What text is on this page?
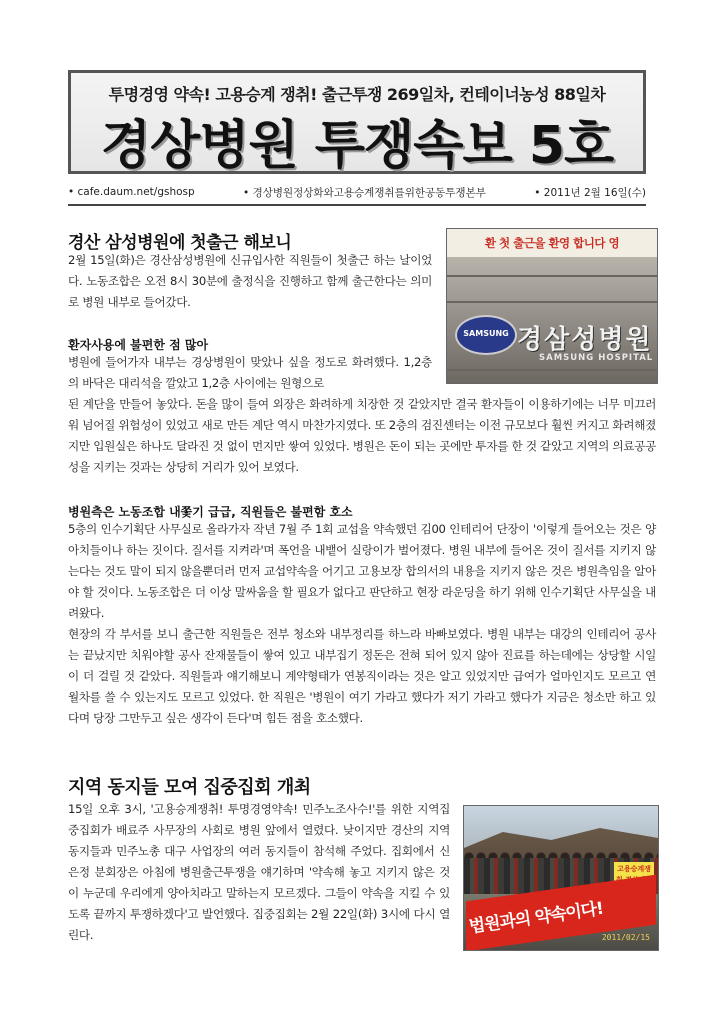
투명경영 약속! 고용승계 쟁취! 출근투쟁 269일차, 컨테이너농성 88일차
경상병원 투쟁속보 5호
• cafe.daum.net/gshosp	• 경상병원정상화와고용승계쟁취를위한공동투쟁본부	• 2011년 2월 16일(수)
경산 삼성병원에 첫출근 해보니

2월 15일(화)은 경산삼성병원에 신규입사한 직원들이 첫출근 하는 날이었다. 노동조합은 오전 8시 30분에 출정식을 진행하고 함께 출근한다는 의미로 병원 내부로 들어갔다.

환자사용에 불편한 점 많아

병원에 들어가자 내부는 경상병원이 맞았나 싶을 정도로 화려했다. 1,2층의 바닥은 대리석을 깔았고 1,2층 사이에는 원형으로

된 계단을 만들어 놓았다. 돈을 많이 들여 외장은 화려하게 치장한 것 같았지만 결국 환자들이 이용하기에는 너무 미끄러워 넘어질 위험성이 있었고 새로 만든 계단 역시 마찬가지였다. 또 2층의 검진센터는 이전 규모보다 훨씬 커지고 화려해졌지만 입원실은 하나도 달라진 것 없이 먼지만 쌓여 있었다. 병원은 돈이 되는 곳에만 투자를 한 것 같았고 지역의 의료공공성을 지키는 것과는 상당히 거리가 있어 보였다.

환 첫 출근을 환영 합니다 영
SAMSUNG 경삼성병원
SAMSUNG HOSPITAL
병원측은 노동조합 내쫓기 급급, 직원들은 불편함 호소

5층의 인수기획단 사무실로 올라가자 작년 7월 주 1회 교섭을 약속했던 김00 인테리어 단장이 '이렇게 들어오는 것은 양아치들이나 하는 짓이다. 질서를 지켜라'며 폭언을 내뱉어 실랑이가 벌어졌다. 병원 내부에 들어온 것이 질서를 지키지 않는다는 것도 말이 되지 않을뿐더러 먼저 교섭약속을 어기고 고용보장 합의서의 내용을 지키지 않은 것은 병원측임을 알아야 할 것이다. 노동조합은 더 이상 말싸움을 할 필요가 없다고 판단하고 현장 라운딩을 하기 위해 인수기획단 사무실을 내려왔다.

현장의 각 부서를 보니 출근한 직원들은 전부 청소와 내부정리를 하느라 바빠보였다. 병원 내부는 대강의 인테리어 공사는 끝났지만 치워야할 공사 잔재물들이 쌓여 있고 내부집기 정돈은 전혀 되어 있지 않아 진료를 하는데에는 상당할 시일이 더 걸릴 것 같았다. 직원들과 얘기해보니 계약형태가 연봉직이라는 것은 알고 있었지만 급여가 얼마인지도 모르고 연월차를 쓸 수 있는지도 모르고 있었다. 한 직원은 '병원이 여기 가라고 했다가 저기 가라고 했다가 지금은 청소만 하고 있다며 당장 그만두고 싶은 생각이 든다'며 힘든 점을 호소했다.

지역 동지들 모여 집중집회 개최

15일 오후 3시, '고용승계쟁취! 투명경영약속! 민주노조사수!'를 위한 지역집중집회가 배료주 사무장의 사회로 병원 앞에서 열렸다. 낮이지만 경산의 지역동지들과 민주노총 대구 사업장의 여러 동지들이 참석해 주었다. 집회에서 신은정 분회장은 아침에 병원출근투쟁을 얘기하며 '약속해 놓고 지키지 않은 것이 누군데 우리에게 양아치라고 말하는지 모르겠다. 그들이 약속을 지킬 수 있도록 끝까지 투쟁하겠다'고 발언했다. 집중집회는 2월 22일(화) 3시에 다시 열린다.

고용승계쟁
법원과의 약속이다!
2011/02/15
